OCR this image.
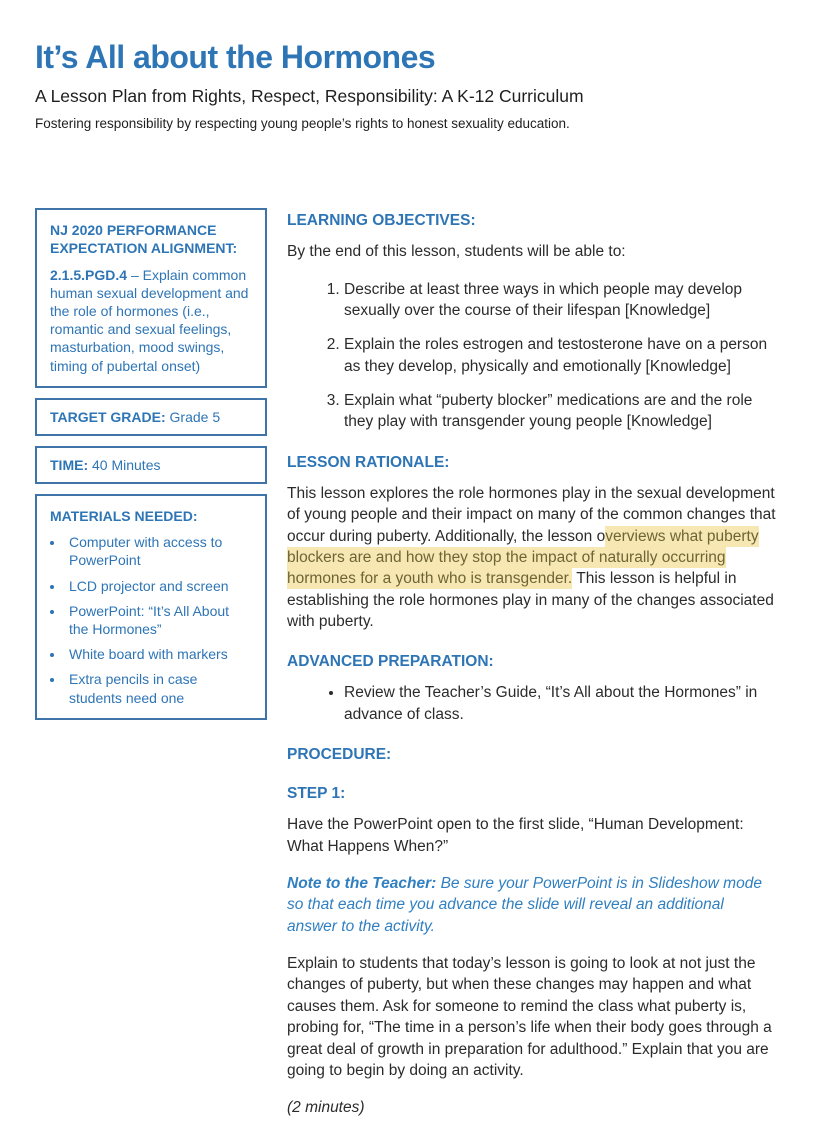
It’s All about the Hormones
A Lesson Plan from Rights, Respect, Responsibility: A K-12 Curriculum
Fostering responsibility by respecting young people’s rights to honest sexuality education.
NJ 2020 PERFORMANCE EXPECTATION ALIGNMENT:

2.1.5.PGD.4 – Explain common human sexual development and the role of hormones (i.e., romantic and sexual feelings, masturbation, mood swings, timing of pubertal onset)

TARGET GRADE: Grade 5
TIME: 40 Minutes
MATERIALS NEEDED:
• Computer with access to PowerPoint
• LCD projector and screen
• PowerPoint: “It’s All About the Hormones”
• White board with markers
• Extra pencils in case students need one
LEARNING OBJECTIVES:

By the end of this lesson, students will be able to:

1. Describe at least three ways in which people may develop sexually over the course of their lifespan [Knowledge]
2. Explain the roles estrogen and testosterone have on a person as they develop, physically and emotionally [Knowledge]
3. Explain what “puberty blocker” medications are and the role they play with transgender young people [Knowledge]
LESSON RATIONALE:

This lesson explores the role hormones play in the sexual development of young people and their impact on many of the common changes that occur during puberty. Additionally, the lesson overviews what puberty blockers are and how they stop the impact of naturally occurring hormones for a youth who is transgender. This lesson is helpful in establishing the role hormones play in many of the changes associated with puberty.

ADVANCED PREPARATION:
• Review the Teacher’s Guide, “It’s All about the Hormones” in advance of class.
PROCEDURE:
STEP 1:

Have the PowerPoint open to the first slide, “Human Development: What Happens When?”

Note to the Teacher: Be sure your PowerPoint is in Slideshow mode so that each time you advance the slide will reveal an additional answer to the activity.

Explain to students that today’s lesson is going to look at not just the changes of puberty, but when these changes may happen and what causes them. Ask for someone to remind the class what puberty is, probing for, “The time in a person’s life when their body goes through a great deal of growth in preparation for adulthood.” Explain that you are going to begin by doing an activity.

(2 minutes)
